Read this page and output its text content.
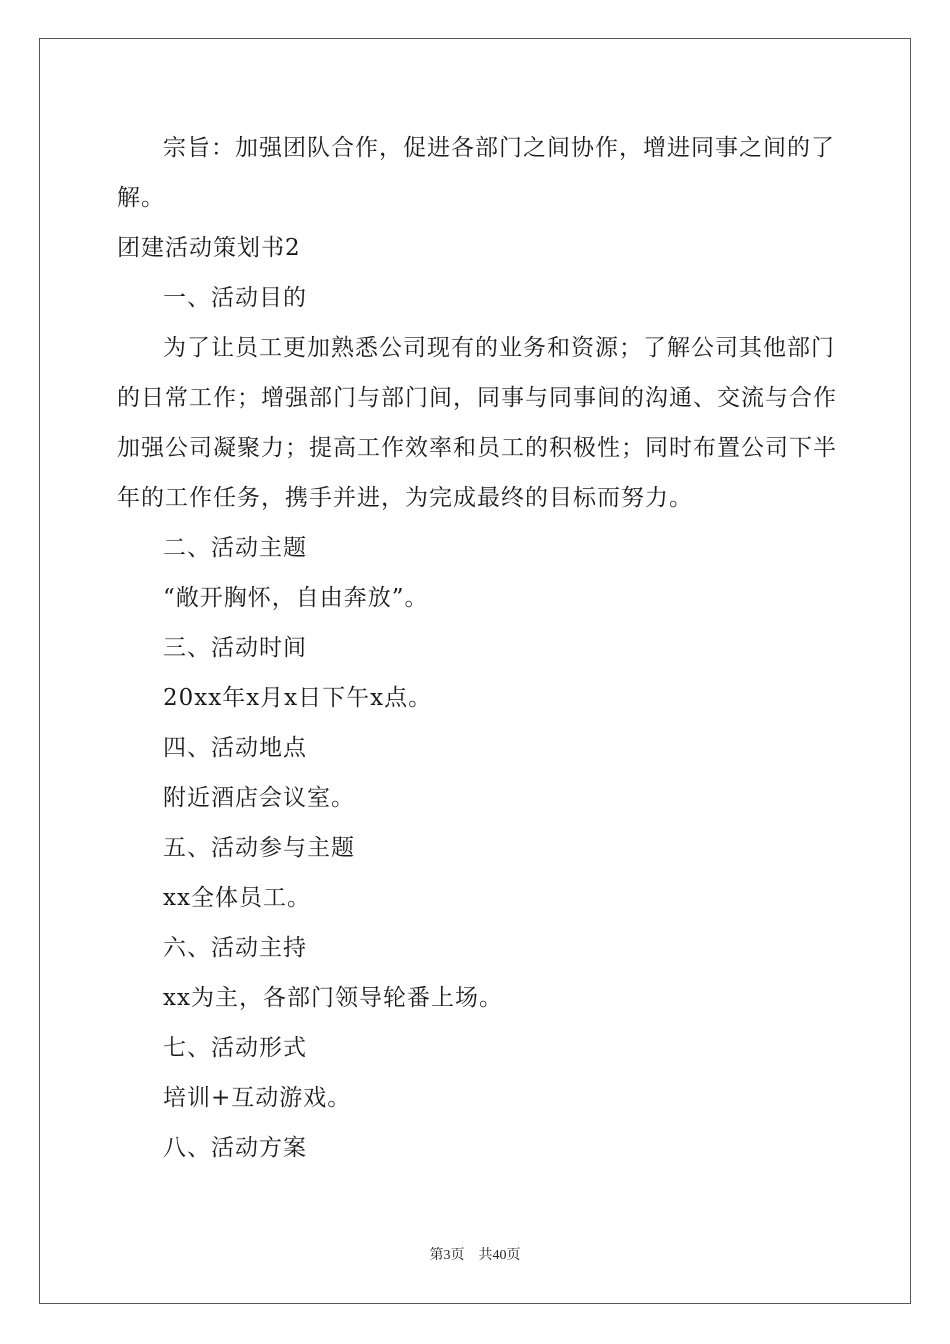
宗旨：加强团队合作，促进各部门之间协作，增进同事之间的了
解。
团建活动策划书2
一、活动目的
为了让员工更加熟悉公司现有的业务和资源；了解公司其他部门
的日常工作；增强部门与部门间，同事与同事间的沟通、交流与合作
加强公司凝聚力；提高工作效率和员工的积极性；同时布置公司下半
年的工作任务，携手并进，为完成最终的目标而努力。
二、活动主题
“敞开胸怀，自由奔放”。
三、活动时间
20xx年x月x日下午x点。
四、活动地点
附近酒店会议室。
五、活动参与主题
xx全体员工。
六、活动主持
xx为主，各部门领导轮番上场。
七、活动形式
培训+互动游戏。
八、活动方案
第3页 共40页
